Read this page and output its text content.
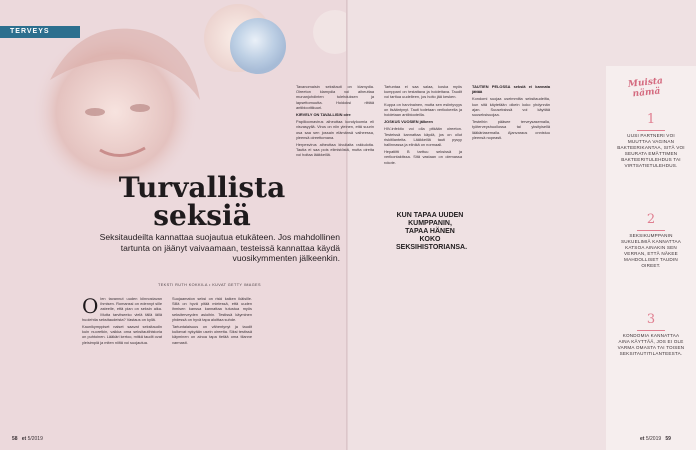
TERVEYS
Turvallista
seksiä

Seksitaudeilta kannattaa suojautua etukäteen. Jos mahdollinen tartunta on jäänyt vaivaamaan, testeissä kannattaa käydä vuosikymmenten jälkeenkin.

TEKSTI RUTH KOKKILA • KUVAT GETTY IMAGES

Olen tavannut uuden kiinnostavan ihmisen. Romanssi on edennyt sille asteelle, että pian on seksin aika. Mutta tarvitseeko vielä tällä iällä huolehtia seksitaudeista? Vastaus on kyllä.

Kaunikymppiset naiset saavat seksitaudin kuin nuoretkin, vaikka oma seksitautihistoria on puhtoinen. Lääkäri kertoo, mitkä taudit ovat yleisimpiä ja miten niiltä voi suojautua.

Suojaamaton seksi on riski kaiken ikäisille. Sillä on hyvä pitää mielessä, että uuden ihmisen kanssa kannattaa tutustua myös seksiterveyden asioihin. Testissä käyminen yhdessä on hyvä tapa aloittaa suhde.

Tartuntalaisuus on vähentynyt ja taudit kulkevat nykyään usein oireetta. Siksi testissä käyminen on ainoa tapa tietää oma tilanne varmasti.

58 et 5/2019
Muista nämä
1
UUSI PARTNERI VOI MUUTTAA VAGINAN BAKTEERIKANTAA, SITÄ VOI SEURATA EMÄTTIMEN BAKTEERITULEHDUS TAI VIRTSATIETULEHDUS.
2
SEKSIKUMPPANIN SUKUELIMIÄ KANNATTAA KATSOA AINAKIN SEN VERRAN, ETTÄ NÄKEE MAHDOLLISET TAUDIN OIREET.
3
KONDOMIA KANNATTAA AINA KÄYTTÄÄ, JOS EI OLE VARMA OMASTA TAI TOISEN SEKSITAUTITILANTEESTA.
et 5/2019 59

Tavanomaisin seksitauti on klamydia. Oireeton klamydia voi aiheuttaa munanjohdinten tulehduksen ja lapsettomuutta. Hoidoksi riittää antibioottikuuri.

KIRVELY ON TAVALLISIN oire

Papilloomavirus aiheuttaa kondyloomia eli visvasyyliä. Virus on niin yleinen, että suurin osa saa sen jossain elämänsä vaiheessa, yleensä oireettomana.

Herpesvirus aiheuttaa kivuliaita rakkuloita. Tautia ei saa pois elimistöstä, mutta oireita voi hoitaa lääkkeillä.

Tartuntaa ei saa salaa, koska myös kumppani on testattava ja hoidettava. Taudit voi tarttua uudelleen, jos hoito jää kesken.

Kuppa on harvinainen, mutta sen esiintyvyys on lisääntynyt. Tauti todetaan verikokeella ja hoidetaan antibiooteilla.

JOSKUS VUOSIEN jälkeen

HIV-infektio voi olla pitkään oireeton. Testeissä kannattaa käydä, jos on ollut riskitilanteita. Lääkkeillä tauti pysyy hallinnassa ja elinikä on normaali.

Hepatiitti B tarttuu seksissä ja verikontaktissa. Sitä vastaan on olemassa rokote.

TAUTIEN PELOSSA seksiä ei kannata jättää

Kondomi suojaa useimmilta seksitaudeilta, kun sitä käytetään oikein koko yhdynnän ajan. Suuseksissä voi käyttää suuseksisuojaa.

Testeihin pääsee terveysasemalla, työterveyshuollossa tai yksityisellä lääkäriasemalla. Ajanvaraus onnistuu yleensä nopeasti.

KUN TAPAA UUDEN KUMPPANIN, TAPAA HÄNEN KOKO SEKSIHISTORIANSA.
